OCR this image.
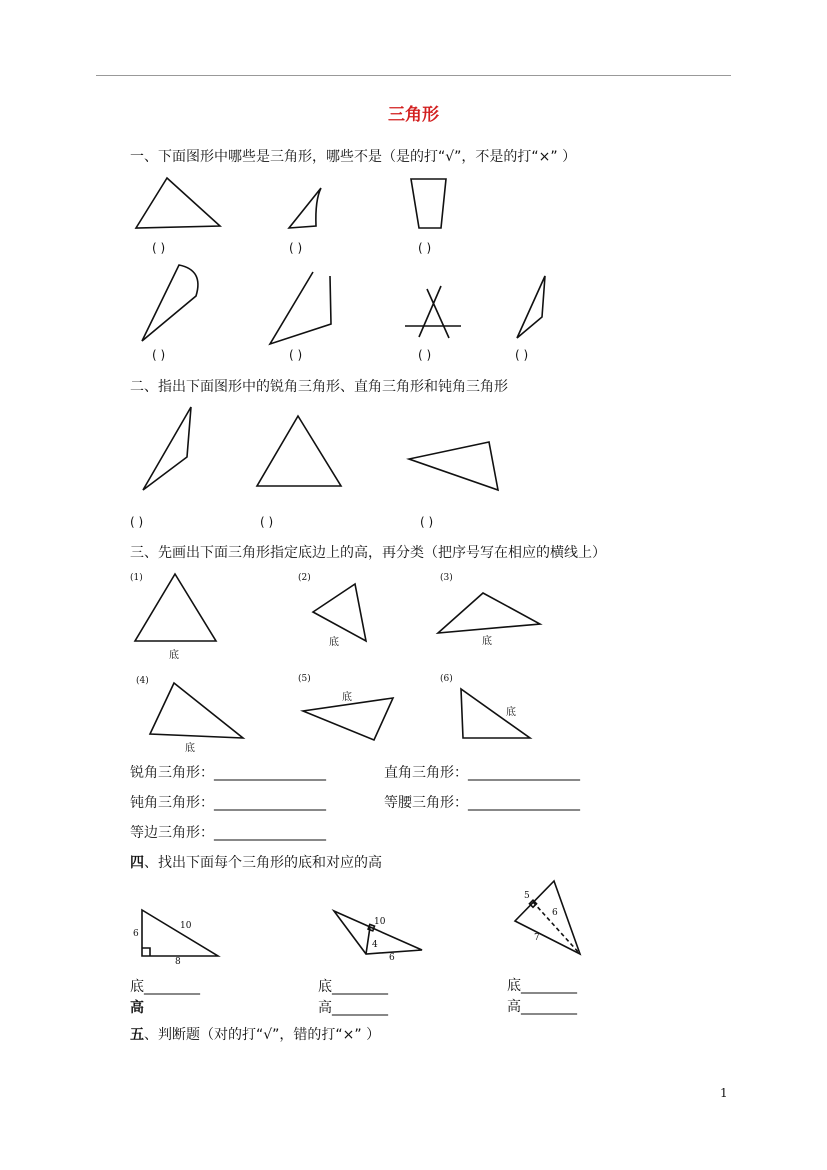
三角形
一、下面图形中哪些是三角形，哪些不是（是的打“√”，不是的打“×” ）
( )	( )	( )
( )	( )	( )	( )
二、指出下面图形中的锐角三角形、直角三角形和钝角三角形
( )	( )	( )
三、先画出下面三角形指定底边上的高，再分类（把序号写在相应的横线上）
(1)	(2)	(3)
(4)	(5)	(6)
底
底	底
底
底
底
锐角三角形：________________	直角三角形：________________
钝角三角形：________________	等腰三角形：________________
等边三角形：________________
四、找出下面每个三角形的底和对应的高
6
10
8
10
4
6
5
6
7
底________
高
底________
高________
底________
高________
五、判断题（对的打“√”，错的打“×” ）
1
